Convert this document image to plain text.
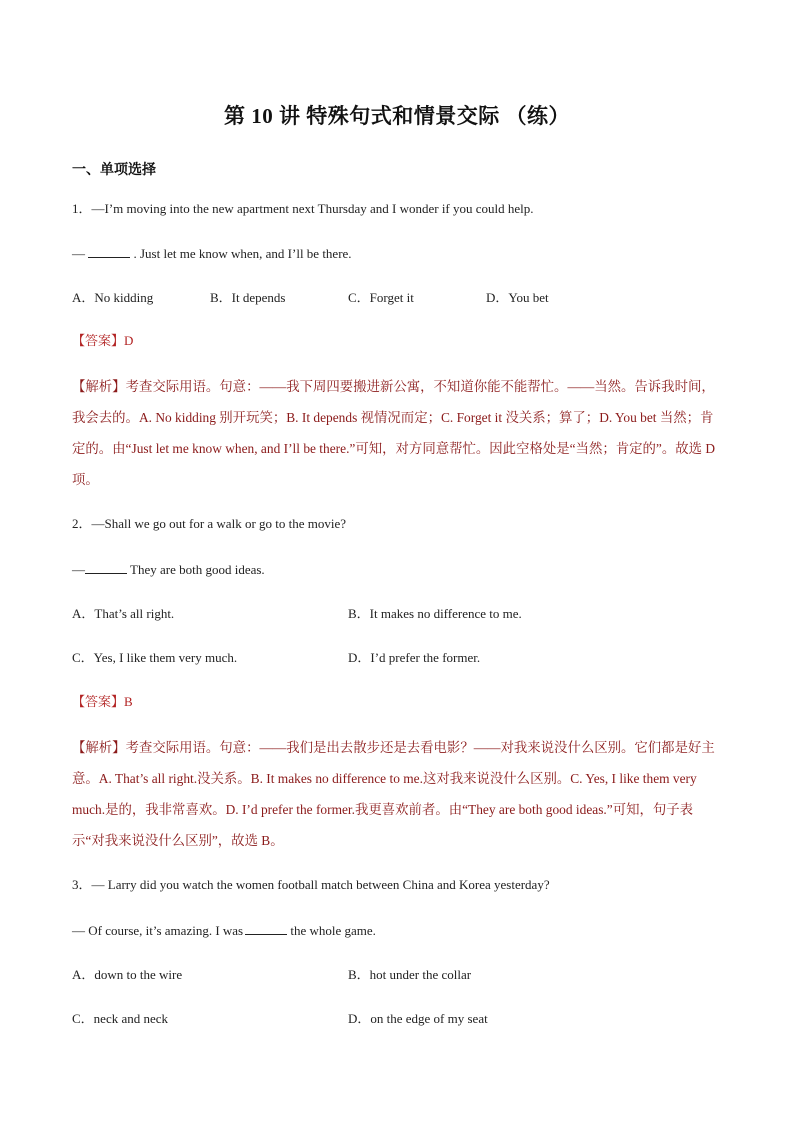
第 10 讲 特殊句式和情景交际 （练）
一、单项选择
1．—I’m moving into the new apartment next Thursday and I wonder if you could help.
—	. Just let me know when, and I’ll be there.
A．No kidding	B．It depends	C．Forget it	D．You bet
【答案】D
【解析】考查交际用语。句意：——我下周四要搬进新公寓，不知道你能不能帮忙。——当然。告诉我时间，我会去的。A. No kidding 别开玩笑；B. It depends 视情况而定；C. Forget it 没关系；算了；D. You bet 当然；肯定的。由“Just let me know when, and I’ll be there.”可知，对方同意帮忙。因此空格处是“当然；肯定的”。故选 D 项。
2．—Shall we go out for a walk or go to the movie?
—	They are both good ideas.
A．That’s all right.	B．It makes no difference to me.
C．Yes, I like them very much.	D．I’d prefer the former.
【答案】B
【解析】考查交际用语。句意：——我们是出去散步还是去看电影？——对我来说没什么区别。它们都是好主意。A. That’s all right.没关系。B. It makes no difference to me.这对我来说没什么区别。C. Yes, I like them very much.是的，我非常喜欢。D. I’d prefer the former.我更喜欢前者。由“They are both good ideas.”可知，句子表示“对我来说没什么区别”，故选 B。
3．— Larry did you watch the women football match between China and Korea yesterday?
— Of course, it’s amazing. I was	the whole game.
A．down to the wire	B．hot under the collar
C．neck and neck	D．on the edge of my seat
